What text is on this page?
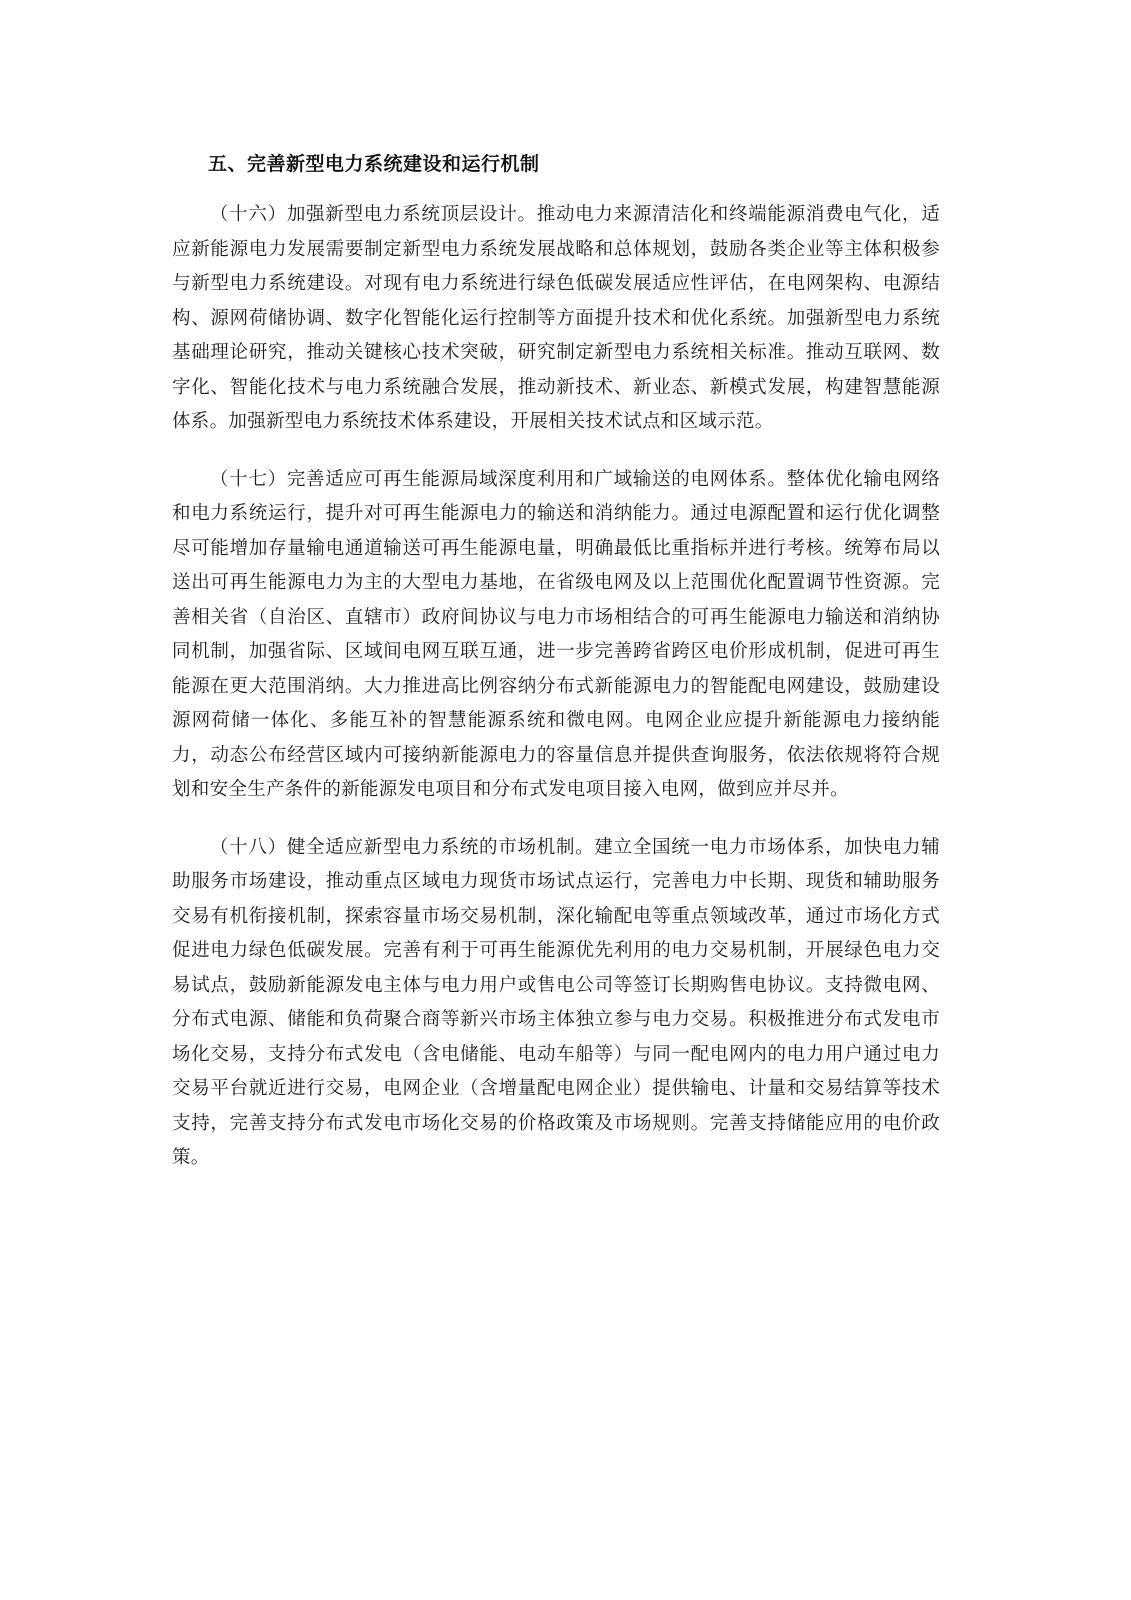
五、完善新型电力系统建设和运行机制

（十六）加强新型电力系统顶层设计。推动电力来源清洁化和终端能源消费电气化，适应新能源电力发展需要制定新型电力系统发展战略和总体规划，鼓励各类企业等主体积极参与新型电力系统建设。对现有电力系统进行绿色低碳发展适应性评估，在电网架构、电源结构、源网荷储协调、数字化智能化运行控制等方面提升技术和优化系统。加强新型电力系统基础理论研究，推动关键核心技术突破，研究制定新型电力系统相关标准。推动互联网、数字化、智能化技术与电力系统融合发展，推动新技术、新业态、新模式发展，构建智慧能源体系。加强新型电力系统技术体系建设，开展相关技术试点和区域示范。

（十七）完善适应可再生能源局域深度利用和广域输送的电网体系。整体优化输电网络和电力系统运行，提升对可再生能源电力的输送和消纳能力。通过电源配置和运行优化调整尽可能增加存量输电通道输送可再生能源电量，明确最低比重指标并进行考核。统筹布局以送出可再生能源电力为主的大型电力基地，在省级电网及以上范围优化配置调节性资源。完善相关省（自治区、直辖市）政府间协议与电力市场相结合的可再生能源电力输送和消纳协同机制，加强省际、区域间电网互联互通，进一步完善跨省跨区电价形成机制，促进可再生能源在更大范围消纳。大力推进高比例容纳分布式新能源电力的智能配电网建设，鼓励建设源网荷储一体化、多能互补的智慧能源系统和微电网。电网企业应提升新能源电力接纳能力，动态公布经营区域内可接纳新能源电力的容量信息并提供查询服务，依法依规将符合规划和安全生产条件的新能源发电项目和分布式发电项目接入电网，做到应并尽并。

（十八）健全适应新型电力系统的市场机制。建立全国统一电力市场体系，加快电力辅助服务市场建设，推动重点区域电力现货市场试点运行，完善电力中长期、现货和辅助服务交易有机衔接机制，探索容量市场交易机制，深化输配电等重点领域改革，通过市场化方式促进电力绿色低碳发展。完善有利于可再生能源优先利用的电力交易机制，开展绿色电力交易试点，鼓励新能源发电主体与电力用户或售电公司等签订长期购售电协议。支持微电网、分布式电源、储能和负荷聚合商等新兴市场主体独立参与电力交易。积极推进分布式发电市场化交易，支持分布式发电（含电储能、电动车船等）与同一配电网内的电力用户通过电力交易平台就近进行交易，电网企业（含增量配电网企业）提供输电、计量和交易结算等技术支持，完善支持分布式发电市场化交易的价格政策及市场规则。完善支持储能应用的电价政策。
